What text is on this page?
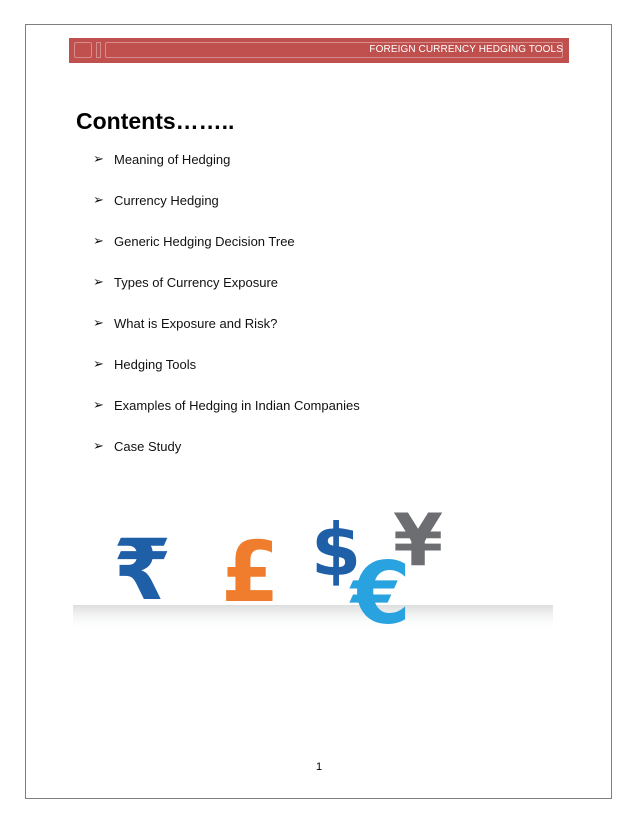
FOREIGN CURRENCY HEDGING TOOLS
Contents……..
➢ Meaning of Hedging
➢ Currency Hedging
➢ Generic Hedging Decision Tree
➢ Types of Currency Exposure
➢ What is Exposure and Risk?
➢ Hedging Tools
➢ Examples of Hedging in Indian Companies
➢ Case Study
₹ £ $ ¥
€
1
